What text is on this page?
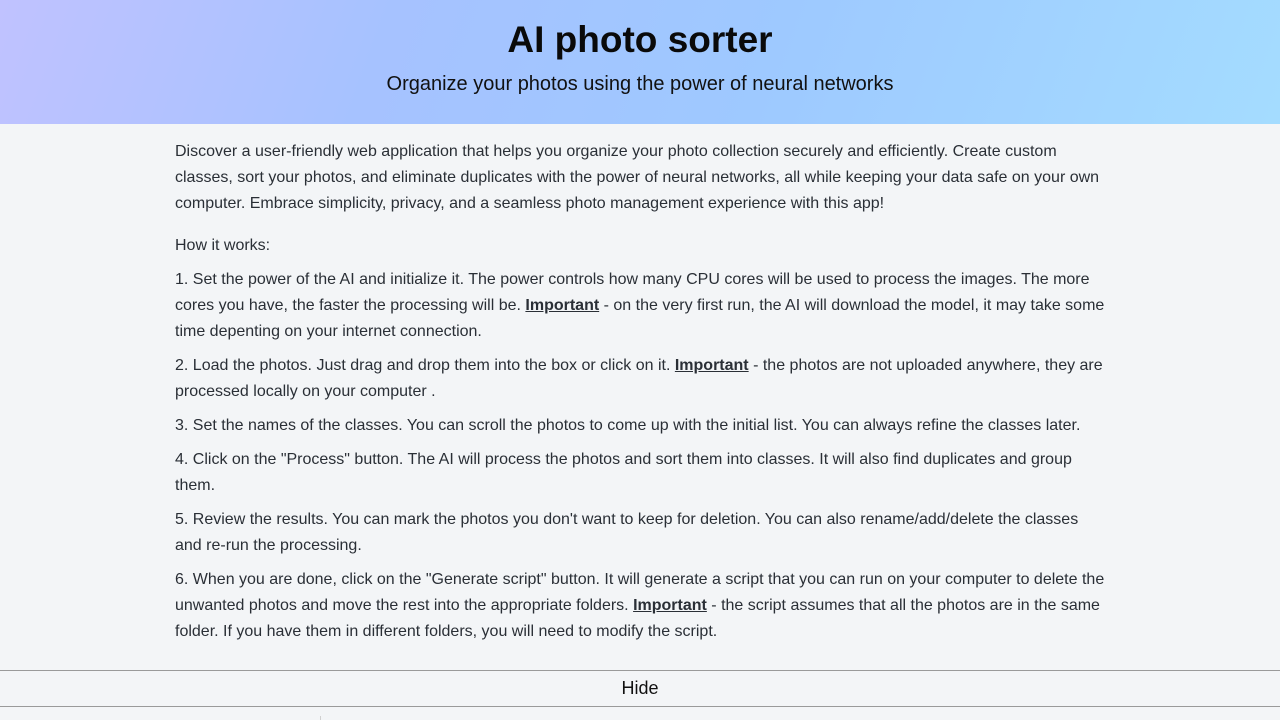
AI photo sorter
Organize your photos using the power of neural networks

Discover a user-friendly web application that helps you organize your photo collection securely and efficiently. Create custom classes, sort your photos, and eliminate duplicates with the power of neural networks, all while keeping your data safe on your own computer. Embrace simplicity, privacy, and a seamless photo management experience with this app!

How it works:

1. Set the power of the AI and initialize it. The power controls how many CPU cores will be used to process the images. The more cores you have, the faster the processing will be. Important - on the very first run, the AI will download the model, it may take some time depenting on your internet connection.

2. Load the photos. Just drag and drop them into the box or click on it. Important - the photos are not uploaded anywhere, they are processed locally on your computer .

3. Set the names of the classes. You can scroll the photos to come up with the initial list. You can always refine the classes later.

4. Click on the "Process" button. The AI will process the photos and sort them into classes. It will also find duplicates and group them.

5. Review the results. You can mark the photos you don't want to keep for deletion. You can also rename/add/delete the classes and re-run the processing.

6. When you are done, click on the "Generate script" button. It will generate a script that you can run on your computer to delete the unwanted photos and move the rest into the appropriate folders. Important - the script assumes that all the photos are in the same folder. If you have them in different folders, you will need to modify the script.

Hide
